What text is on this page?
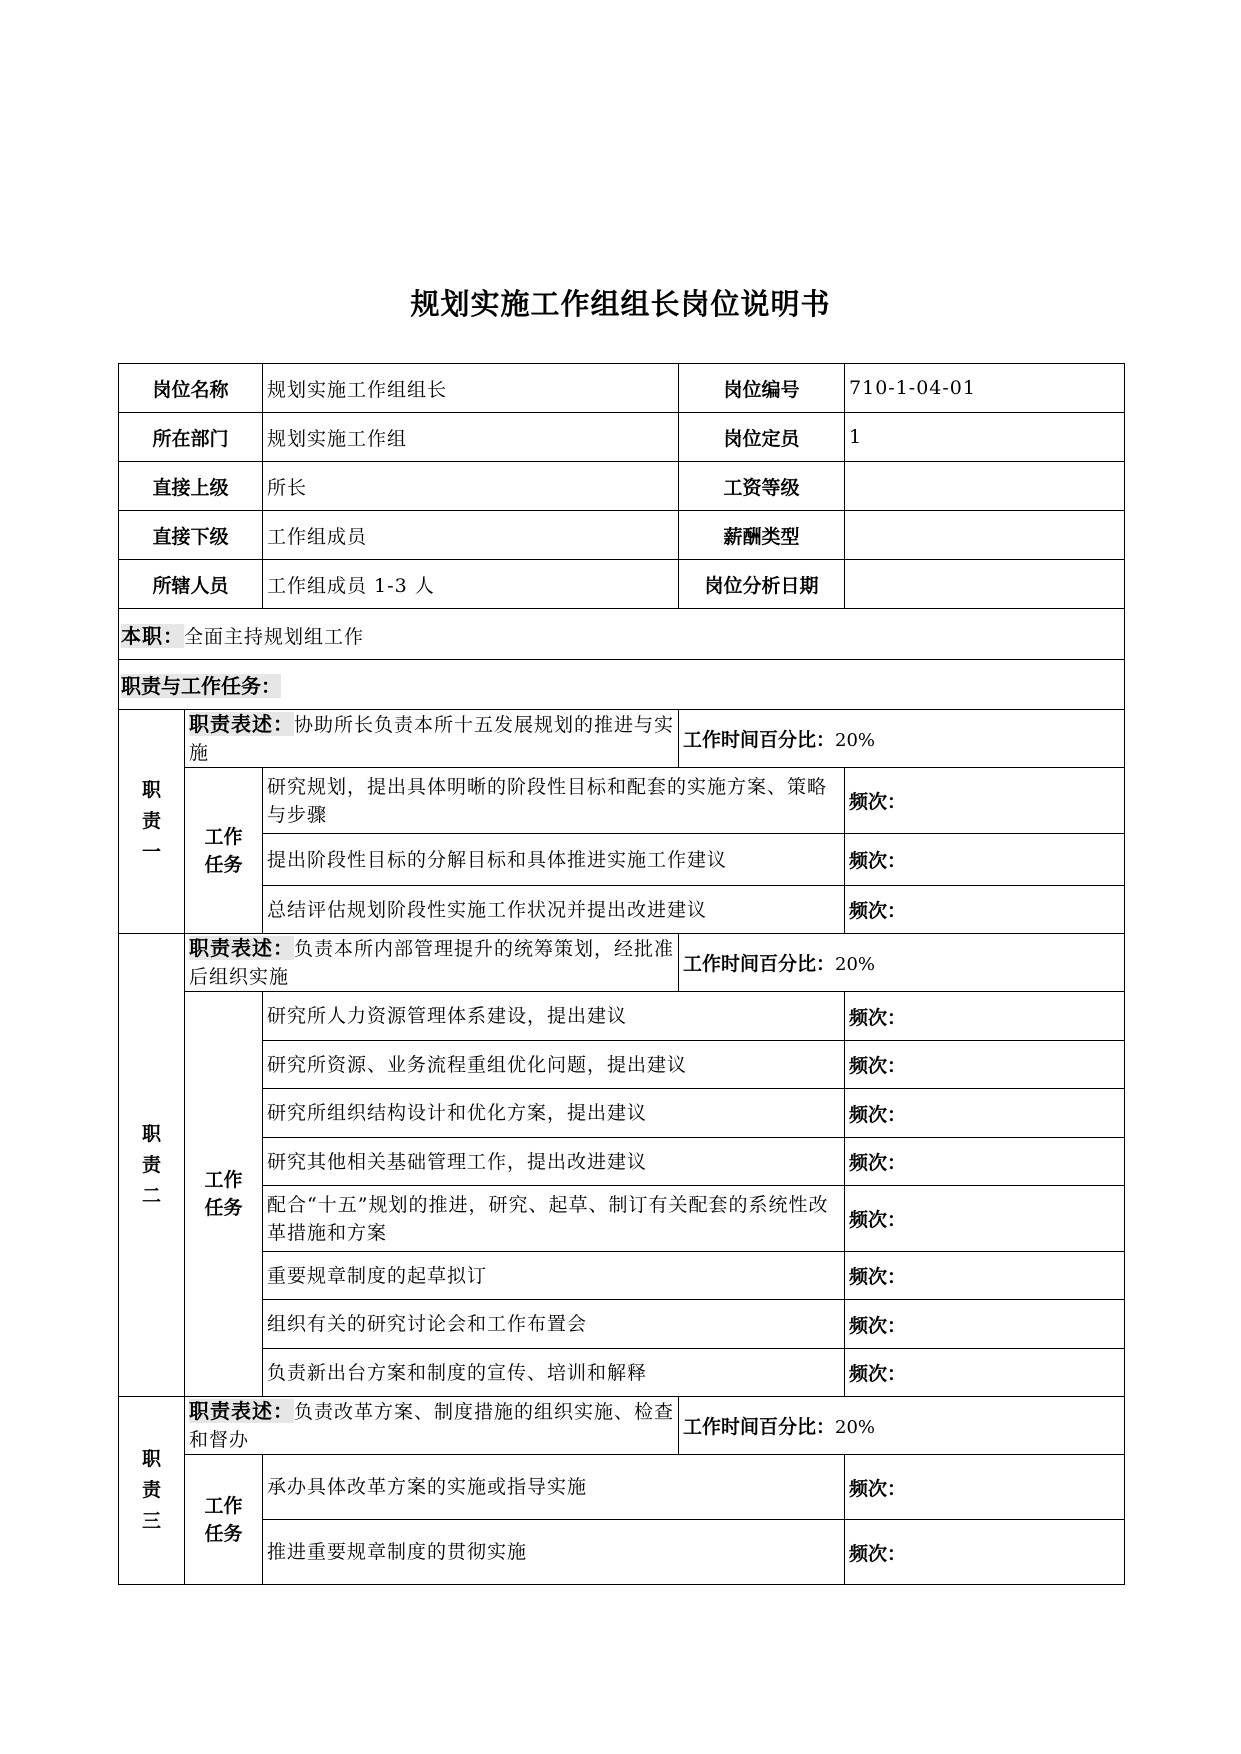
规划实施工作组组长岗位说明书
岗位名称		规划实施工作组组长	岗位编号	710-1-04-01
所在部门		规划实施工作组	岗位定员	1
直接上级		所长	工资等级	
直接下级		工作组成员	薪酬类型	
所辖人员		工作组成员 1-3 人	岗位分析日期	
本职：全面主持规划组工作				
职责与工作任务：				
职
责
一	职责表述：协助所长负责本所十五发展规划的推进与实施		工作时间百分比：20%	
	工作
任务	研究规划，提出具体明晰的阶段性目标和配套的实施方案、策略与步骤		频次：
		提出阶段性目标的分解目标和具体推进实施工作建议		频次：
		总结评估规划阶段性实施工作状况并提出改进建议		频次：
职
责
二	职责表述：负责本所内部管理提升的统筹策划，经批准后组织实施		工作时间百分比：20%	
	工作
任务	研究所人力资源管理体系建设，提出建议		频次：
		研究所资源、业务流程重组优化问题，提出建议		频次：
		研究所组织结构设计和优化方案，提出建议		频次：
		研究其他相关基础管理工作，提出改进建议		频次：
		配合“十五”规划的推进，研究、起草、制订有关配套的系统性改革措施和方案		频次：
		重要规章制度的起草拟订		频次：
		组织有关的研究讨论会和工作布置会		频次：
		负责新出台方案和制度的宣传、培训和解释		频次：
职
责
三	职责表述：负责改革方案、制度措施的组织实施、检查和督办		工作时间百分比：20%	
	工作
任务	承办具体改革方案的实施或指导实施		频次：
		推进重要规章制度的贯彻实施		频次：
